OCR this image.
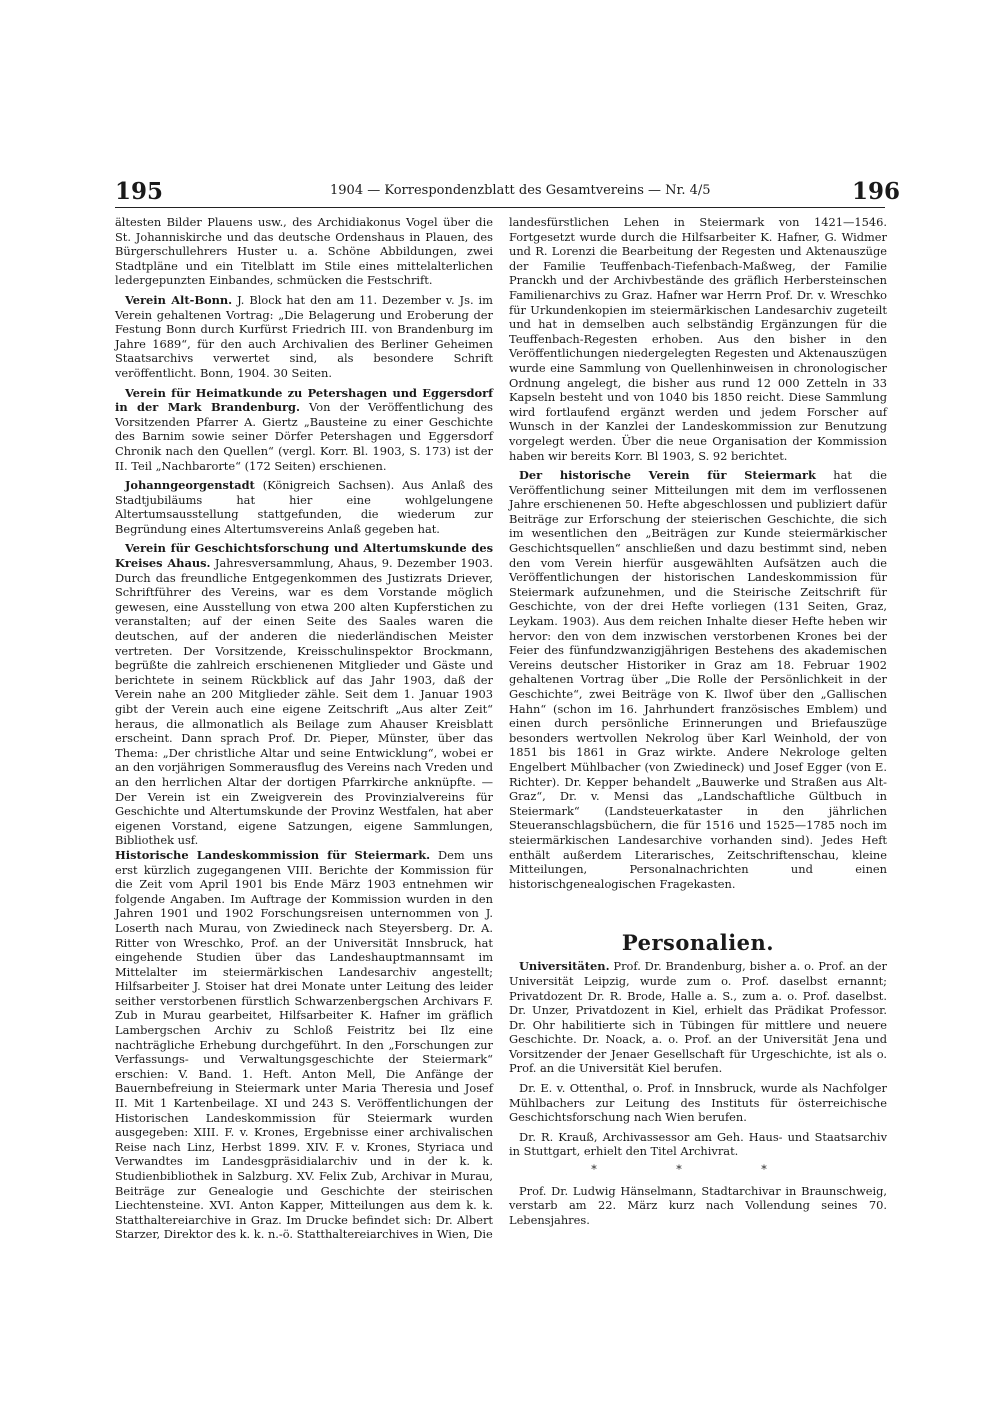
195	1904 — Korrespondenzblatt des Gesamtvereins — Nr. 4/5	196

ältesten Bilder Plauens usw., des Archidiakonus Vogel über die St. Johanniskirche und das deutsche Ordenshaus in Plauen, des Bürgerschullehrers Huster u. a. Schöne Abbildungen, zwei Stadtpläne und ein Titelblatt im Stile eines mittelalterlichen ledergepunzten Einbandes, schmücken die Festschrift.

Verein Alt-Bonn. J. Block hat den am 11. Dezember v. Js. im Verein gehaltenen Vortrag: „Die Belagerung und Eroberung der Festung Bonn durch Kurfürst Friedrich III. von Brandenburg im Jahre 1689“, für den auch Archivalien des Berliner Geheimen Staatsarchivs verwertet sind, als besondere Schrift veröffentlicht. Bonn, 1904. 30 Seiten.

Verein für Heimatkunde zu Petershagen und Eggersdorf in der Mark Brandenburg. Von der Veröffentlichung des Vorsitzenden Pfarrer A. Giertz „Bausteine zu einer Geschichte des Barnim sowie seiner Dörfer Petershagen und Eggersdorf Chronik nach den Quellen“ (vergl. Korr. Bl. 1903, S. 173) ist der II. Teil „Nachbarorte“ (172 Seiten) erschienen.

Johanngeorgenstadt (Königreich Sachsen). Aus Anlaß des Stadtjubiläums hat hier eine wohlgelungene Altertumsausstellung stattgefunden, die wiederum zur Begründung eines Altertumsvereins Anlaß gegeben hat.

Verein für Geschichtsforschung und Altertumskunde des Kreises Ahaus. Jahresversammlung, Ahaus, 9. Dezember 1903. Durch das freundliche Entgegenkommen des Justizrats Driever, Schriftführer des Vereins, war es dem Vorstande möglich gewesen, eine Ausstellung von etwa 200 alten Kupferstichen zu veranstalten; auf der einen Seite des Saales waren die deutschen, auf der anderen die niederländischen Meister vertreten. Der Vorsitzende, Kreisschulinspektor Brockmann, begrüßte die zahlreich erschienenen Mitglieder und Gäste und berichtete in seinem Rückblick auf das Jahr 1903, daß der Verein nahe an 200 Mitglieder zähle. Seit dem 1. Januar 1903 gibt der Verein auch eine eigene Zeitschrift „Aus alter Zeit“ heraus, die allmonatlich als Beilage zum Ahauser Kreisblatt erscheint. Dann sprach Prof. Dr. Pieper, Münster, über das Thema: „Der christliche Altar und seine Entwicklung“, wobei er an den vorjährigen Sommerausflug des Vereins nach Vreden und an den herrlichen Altar der dortigen Pfarrkirche anknüpfte. — Der Verein ist ein Zweigverein des Provinzialvereins für Geschichte und Altertumskunde der Provinz Westfalen, hat aber eigenen Vorstand, eigene Satzungen, eigene Sammlungen, Bibliothek usf.

Historische Landeskommission für Steiermark. Dem uns erst kürzlich zugegangenen VIII. Berichte der Kommission für die Zeit vom April 1901 bis Ende März 1903 entnehmen wir folgende Angaben. Im Auftrage der Kommission wurden in den Jahren 1901 und 1902 Forschungsreisen unternommen von J. Loserth nach Murau, von Zwiedineck nach Steyersberg. Dr. A. Ritter von Wreschko, Prof. an der Universität Innsbruck, hat eingehende Studien über das Landeshauptmannsamt im Mittelalter im steiermärkischen Landesarchiv angestellt; Hilfsarbeiter J. Stoiser hat drei Monate unter Leitung des leider seither verstorbenen fürstlich Schwarzenbergschen Archivars F. Zub in Murau gearbeitet, Hilfsarbeiter K. Hafner im gräflich Lambergschen Archiv zu Schloß Feistritz bei Ilz eine nachträgliche Erhebung durchgeführt. In den „Forschungen zur Verfassungs- und Verwaltungsgeschichte der Steiermark“ erschien: V. Band. 1. Heft. Anton Mell, Die Anfänge der Bauernbefreiung in Steiermark unter Maria Theresia und Josef II. Mit 1 Kartenbeilage. XI und 243 S. Veröffentlichungen der Historischen Landeskommission für Steiermark wurden ausgegeben: XIII. F. v. Krones, Ergebnisse einer archivalischen Reise nach Linz, Herbst 1899. XIV. F. v. Krones, Styriaca und Verwandtes im Landesgpräsidialarchiv und in der k. k. Studienbibliothek in Salzburg. XV. Felix Zub, Archivar in Murau, Beiträge zur Genealogie und Geschichte der steirischen Liechtensteine. XVI. Anton Kapper, Mitteilungen aus dem k. k. Statthaltereiarchive in Graz. Im Drucke befindet sich: Dr. Albert Starzer, Direktor des k. k. n.-ö. Statthaltereiarchives in Wien, Die

landesfürstlichen Lehen in Steiermark von 1421—1546. Fortgesetzt wurde durch die Hilfsarbeiter K. Hafner, G. Widmer und R. Lorenzi die Bearbeitung der Regesten und Aktenauszüge der Familie Teuffenbach-Tiefenbach-Maßweg, der Familie Pranckh und der Archivbestände des gräflich Herbersteinschen Familienarchivs zu Graz. Hafner war Herrn Prof. Dr. v. Wreschko für Urkundenkopien im steiermärkischen Landesarchiv zugeteilt und hat in demselben auch selbständig Ergänzungen für die Teuffenbach-Regesten erhoben. Aus den bisher in den Veröffentlichungen niedergelegten Regesten und Aktenauszügen wurde eine Sammlung von Quellenhinweisen in chronologischer Ordnung angelegt, die bisher aus rund 12 000 Zetteln in 33 Kapseln besteht und von 1040 bis 1850 reicht. Diese Sammlung wird fortlaufend ergänzt werden und jedem Forscher auf Wunsch in der Kanzlei der Landeskommission zur Benutzung vorgelegt werden. Über die neue Organisation der Kommission haben wir bereits Korr. Bl 1903, S. 92 berichtet.

Der historische Verein für Steiermark hat die Veröffentlichung seiner Mitteilungen mit dem im verflossenen Jahre erschienenen 50. Hefte abgeschlossen und publiziert dafür Beiträge zur Erforschung der steierischen Geschichte, die sich im wesentlichen den „Beiträgen zur Kunde steiermärkischer Geschichtsquellen“ anschließen und dazu bestimmt sind, neben den vom Verein hierfür ausgewählten Aufsätzen auch die Veröffentlichungen der historischen Landeskommission für Steiermark aufzunehmen, und die Steirische Zeitschrift für Geschichte, von der drei Hefte vorliegen (131 Seiten, Graz, Leykam. 1903). Aus dem reichen Inhalte dieser Hefte heben wir hervor: den von dem inzwischen verstorbenen Krones bei der Feier des fünfundzwanzigjährigen Bestehens des akademischen Vereins deutscher Historiker in Graz am 18. Februar 1902 gehaltenen Vortrag über „Die Rolle der Persönlichkeit in der Geschichte“, zwei Beiträge von K. Ilwof über den „Gallischen Hahn“ (schon im 16. Jahrhundert französisches Emblem) und einen durch persönliche Erinnerungen und Briefauszüge besonders wertvollen Nekrolog über Karl Weinhold, der von 1851 bis 1861 in Graz wirkte. Andere Nekrologe gelten Engelbert Mühlbacher (von Zwiedineck) und Josef Egger (von E. Richter). Dr. Kepper behandelt „Bauwerke und Straßen aus Alt-Graz“, Dr. v. Mensi das „Landschaftliche Gültbuch in Steiermark“ (Landsteuerkataster in den jährlichen Steueranschlagsbüchern, die für 1516 und 1525—1785 noch im steiermärkischen Landesarchive vorhanden sind). Jedes Heft enthält außerdem Literarisches, Zeitschriftenschau, kleine Mitteilungen, Personalnachrichten und einen historischgenealogischen Fragekasten.

Personalien.

Universitäten. Prof. Dr. Brandenburg, bisher a. o. Prof. an der Universität Leipzig, wurde zum o. Prof. daselbst ernannt; Privatdozent Dr. R. Brode, Halle a. S., zum a. o. Prof. daselbst. Dr. Unzer, Privatdozent in Kiel, erhielt das Prädikat Professor. Dr. Ohr habilitierte sich in Tübingen für mittlere und neuere Geschichte. Dr. Noack, a. o. Prof. an der Universität Jena und Vorsitzender der Jenaer Gesellschaft für Urgeschichte, ist als o. Prof. an die Universität Kiel berufen.

Dr. E. v. Ottenthal, o. Prof. in Innsbruck, wurde als Nachfolger Mühlbachers zur Leitung des Instituts für österreichische Geschichtsforschung nach Wien berufen.

Dr. R. Krauß, Archivassessor am Geh. Haus- und Staatsarchiv in Stuttgart, erhielt den Titel Archivrat.

* * *

Prof. Dr. Ludwig Hänselmann, Stadtarchivar in Braunschweig, verstarb am 22. März kurz nach Vollendung seines 70. Lebensjahres.
